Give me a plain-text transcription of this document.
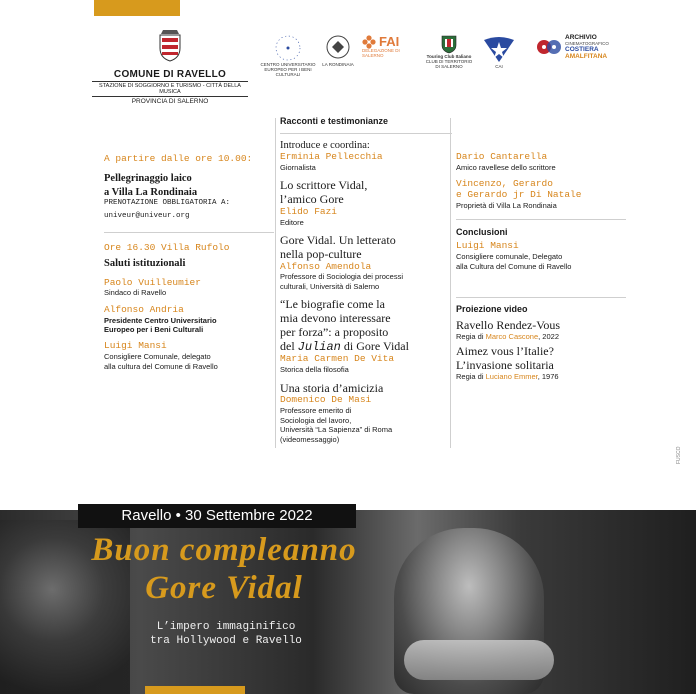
COMUNE DI RAVELLO
STAZIONE DI SOGGIORNO E TURISMO - CITTÀ DELLA MUSICA
PROVINCIA DI SALERNO
CENTRO UNIVERSITARIO EUROPEO PER I BENI CULTURALI
LA RONDINAIA
FAI
DELEGAZIONE DI SALERNO	Touring Club Italiano
CLUB DI TERRITORIO DI SALERNO	CAI
ARCHIVIO
CINEMATOGRAFICO
COSTIERA
AMALFITANA
A partire dalle ore 10.00:
Pellegrinaggio laico
a Villa La Rondinaia
PRENOTAZIONE OBBLIGATORIA A:
univeur@univeur.org
Ore 16.30 Villa Rufolo
Saluti istituzionali
Paolo Vuilleumier
Sindaco di Ravello
Alfonso Andria
Presidente Centro Universitario
Europeo per i Beni Culturali
Luigi Mansi
Consigliere Comunale, delegato
alla cultura del Comune di Ravello
Racconti e testimonianze
Introduce e coordina:
Erminia Pellecchia
Giornalista
Lo scrittore Vidal,
l’amico Gore
Elido Fazi
Editore
Gore Vidal. Un letterato
nella pop-culture
Alfonso Amendola
Professore di Sociologia dei processi
culturali, Università di Salerno
“Le biografie come la
mia devono interessare
per forza”: a proposito
del Julian di Gore Vidal
Maria Carmen De Vita
Storica della filosofia
Una storia d’amicizia
Domenico De Masi
Professore emerito di
Sociologia del lavoro,
Università “La Sapienza” di Roma
(videomessaggio)
Dario Cantarella
Amico ravellese dello scrittore
Vincenzo, Gerardo
e Gerardo jr Di Natale
Proprietà di Villa La Rondinaia
Conclusioni
Luigi Mansi
Consigliere comunale, Delegato
alla Cultura del Comune di Ravello
Proiezione video
Ravello Rendez-Vous
Regia di Marco Cascone, 2022
Aimez vous l’Italie?
L’invasione solitaria
Regia di Luciano Emmer, 1976
FUSCO
Ravello • 30 Settembre 2022
Buon compleanno
Gore Vidal
L’impero immaginifico
tra Hollywood e Ravello
